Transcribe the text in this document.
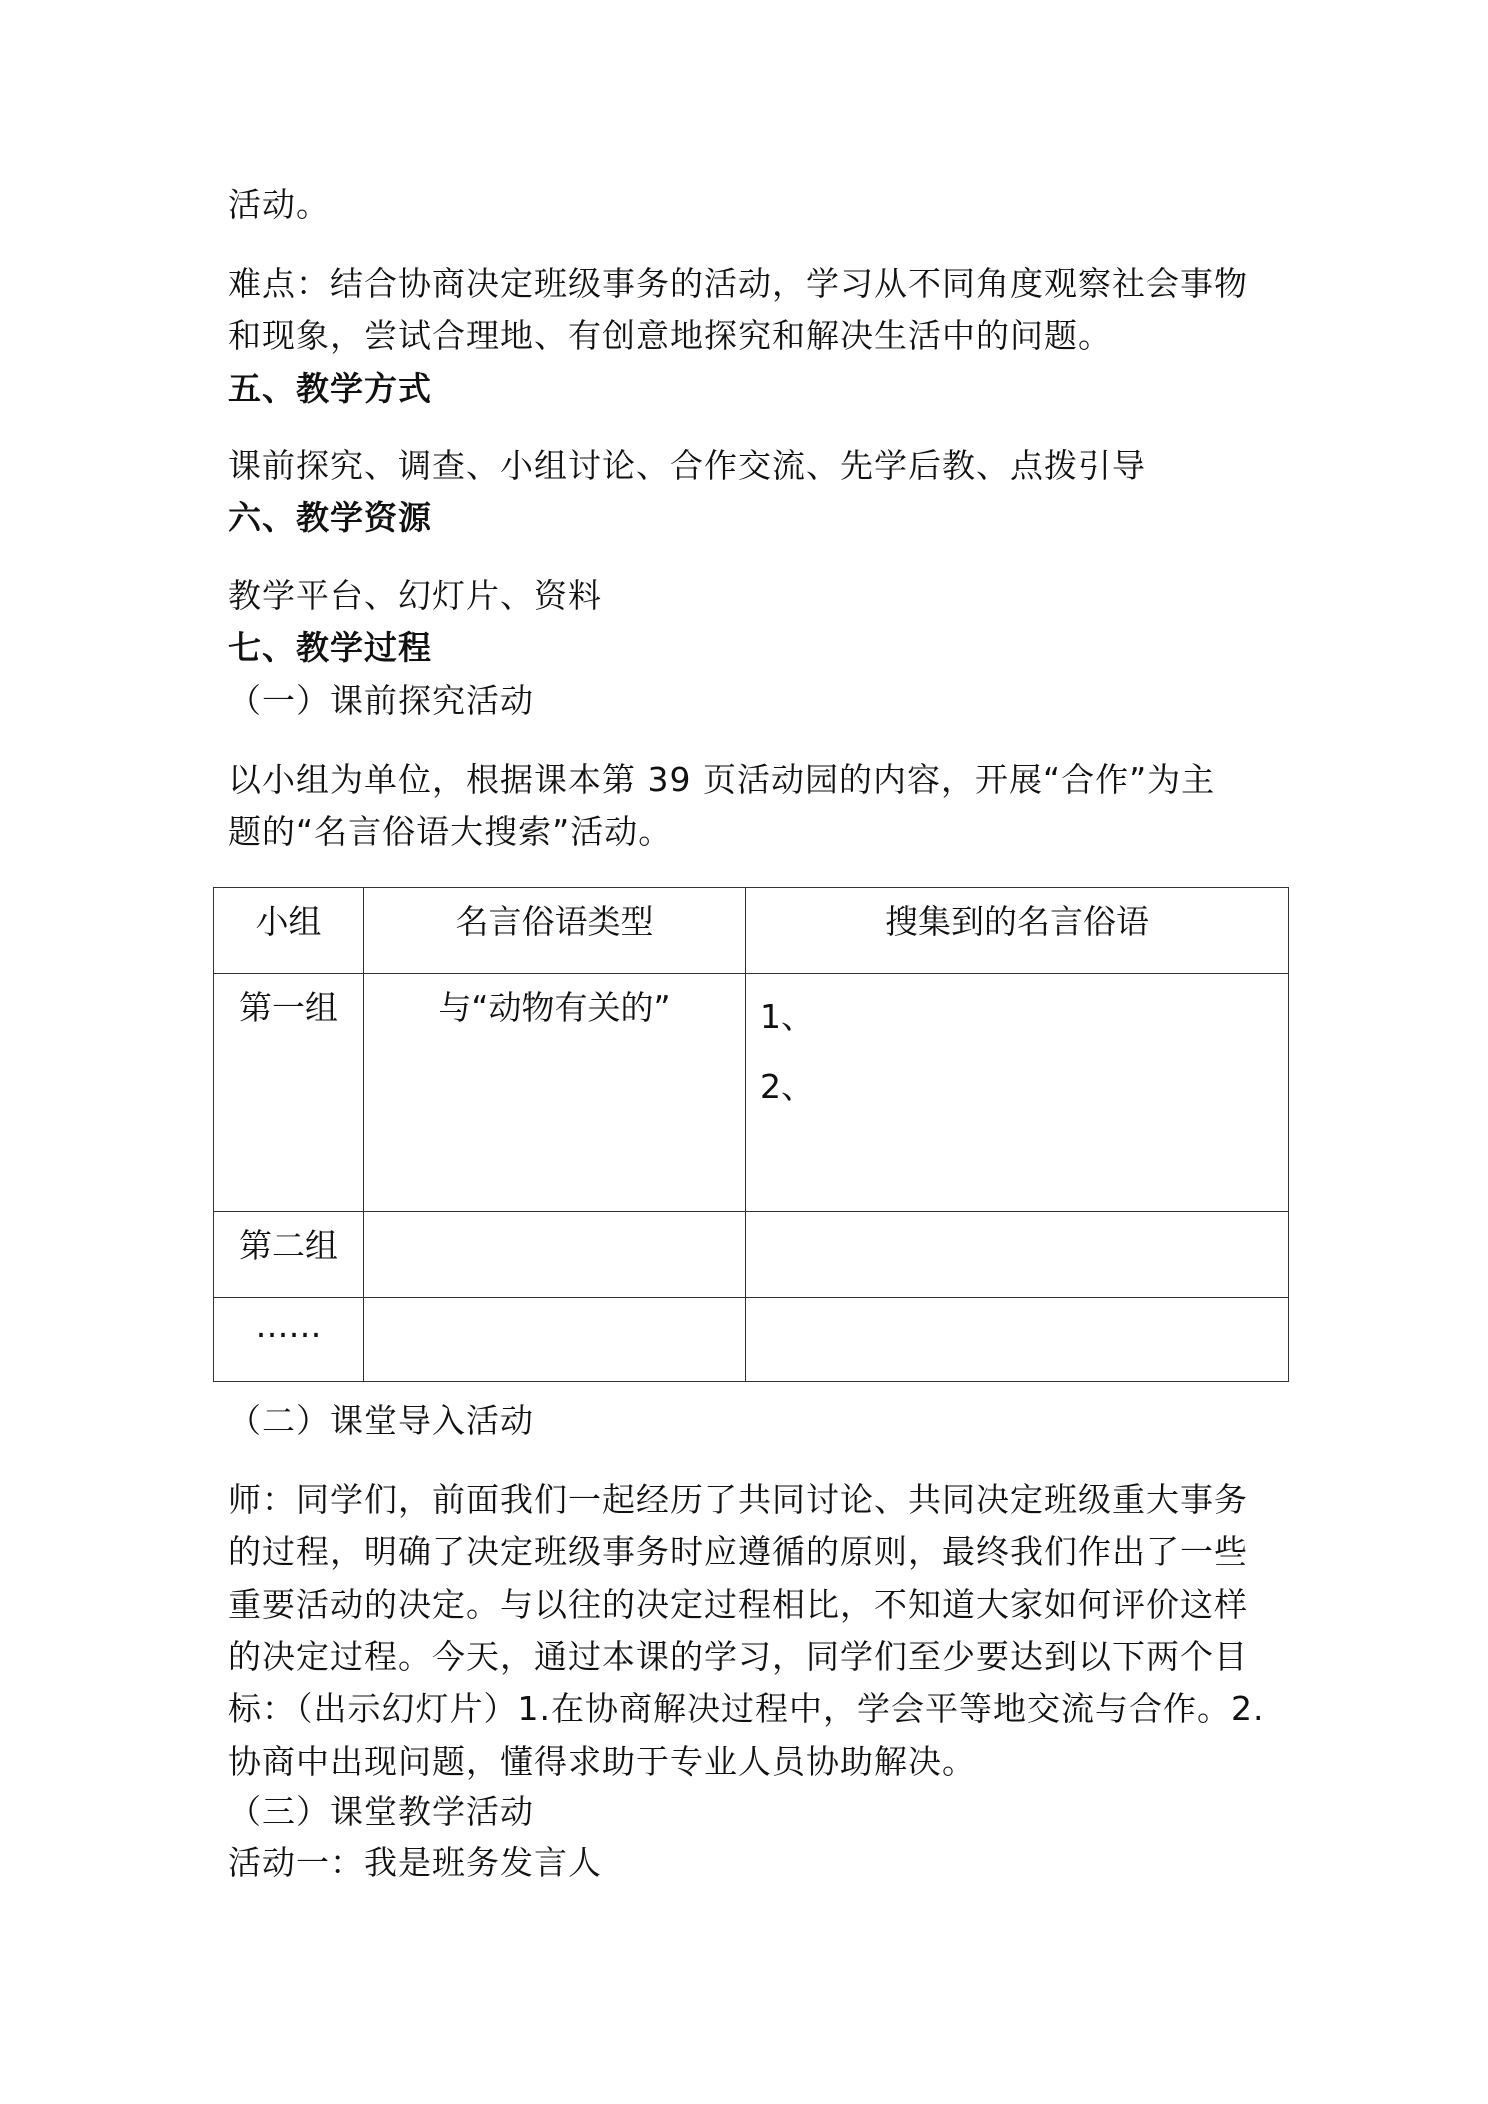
活动。

难点：结合协商决定班级事务的活动，学习从不同角度观察社会事物

和现象，尝试合理地、有创意地探究和解决生活中的问题。

五、教学方式

课前探究、调查、小组讨论、合作交流、先学后教、点拨引导

六、教学资源

教学平台、幻灯片、资料

七、教学过程

（一）课前探究活动

以小组为单位，根据课本第 39 页活动园的内容，开展“合作”为主

题的“名言俗语大搜索”活动。

小组	名言俗语类型	搜集到的名言俗语
第一组	与“动物有关的”	1、
2、

第二组		
……		

（二）课堂导入活动

师：同学们，前面我们一起经历了共同讨论、共同决定班级重大事务

的过程，明确了决定班级事务时应遵循的原则，最终我们作出了一些

重要活动的决定。与以往的决定过程相比，不知道大家如何评价这样

的决定过程。今天，通过本课的学习，同学们至少要达到以下两个目

标：（出示幻灯片）1.在协商解决过程中，学会平等地交流与合作。2.

协商中出现问题，懂得求助于专业人员协助解决。

（三）课堂教学活动

活动一：我是班务发言人
